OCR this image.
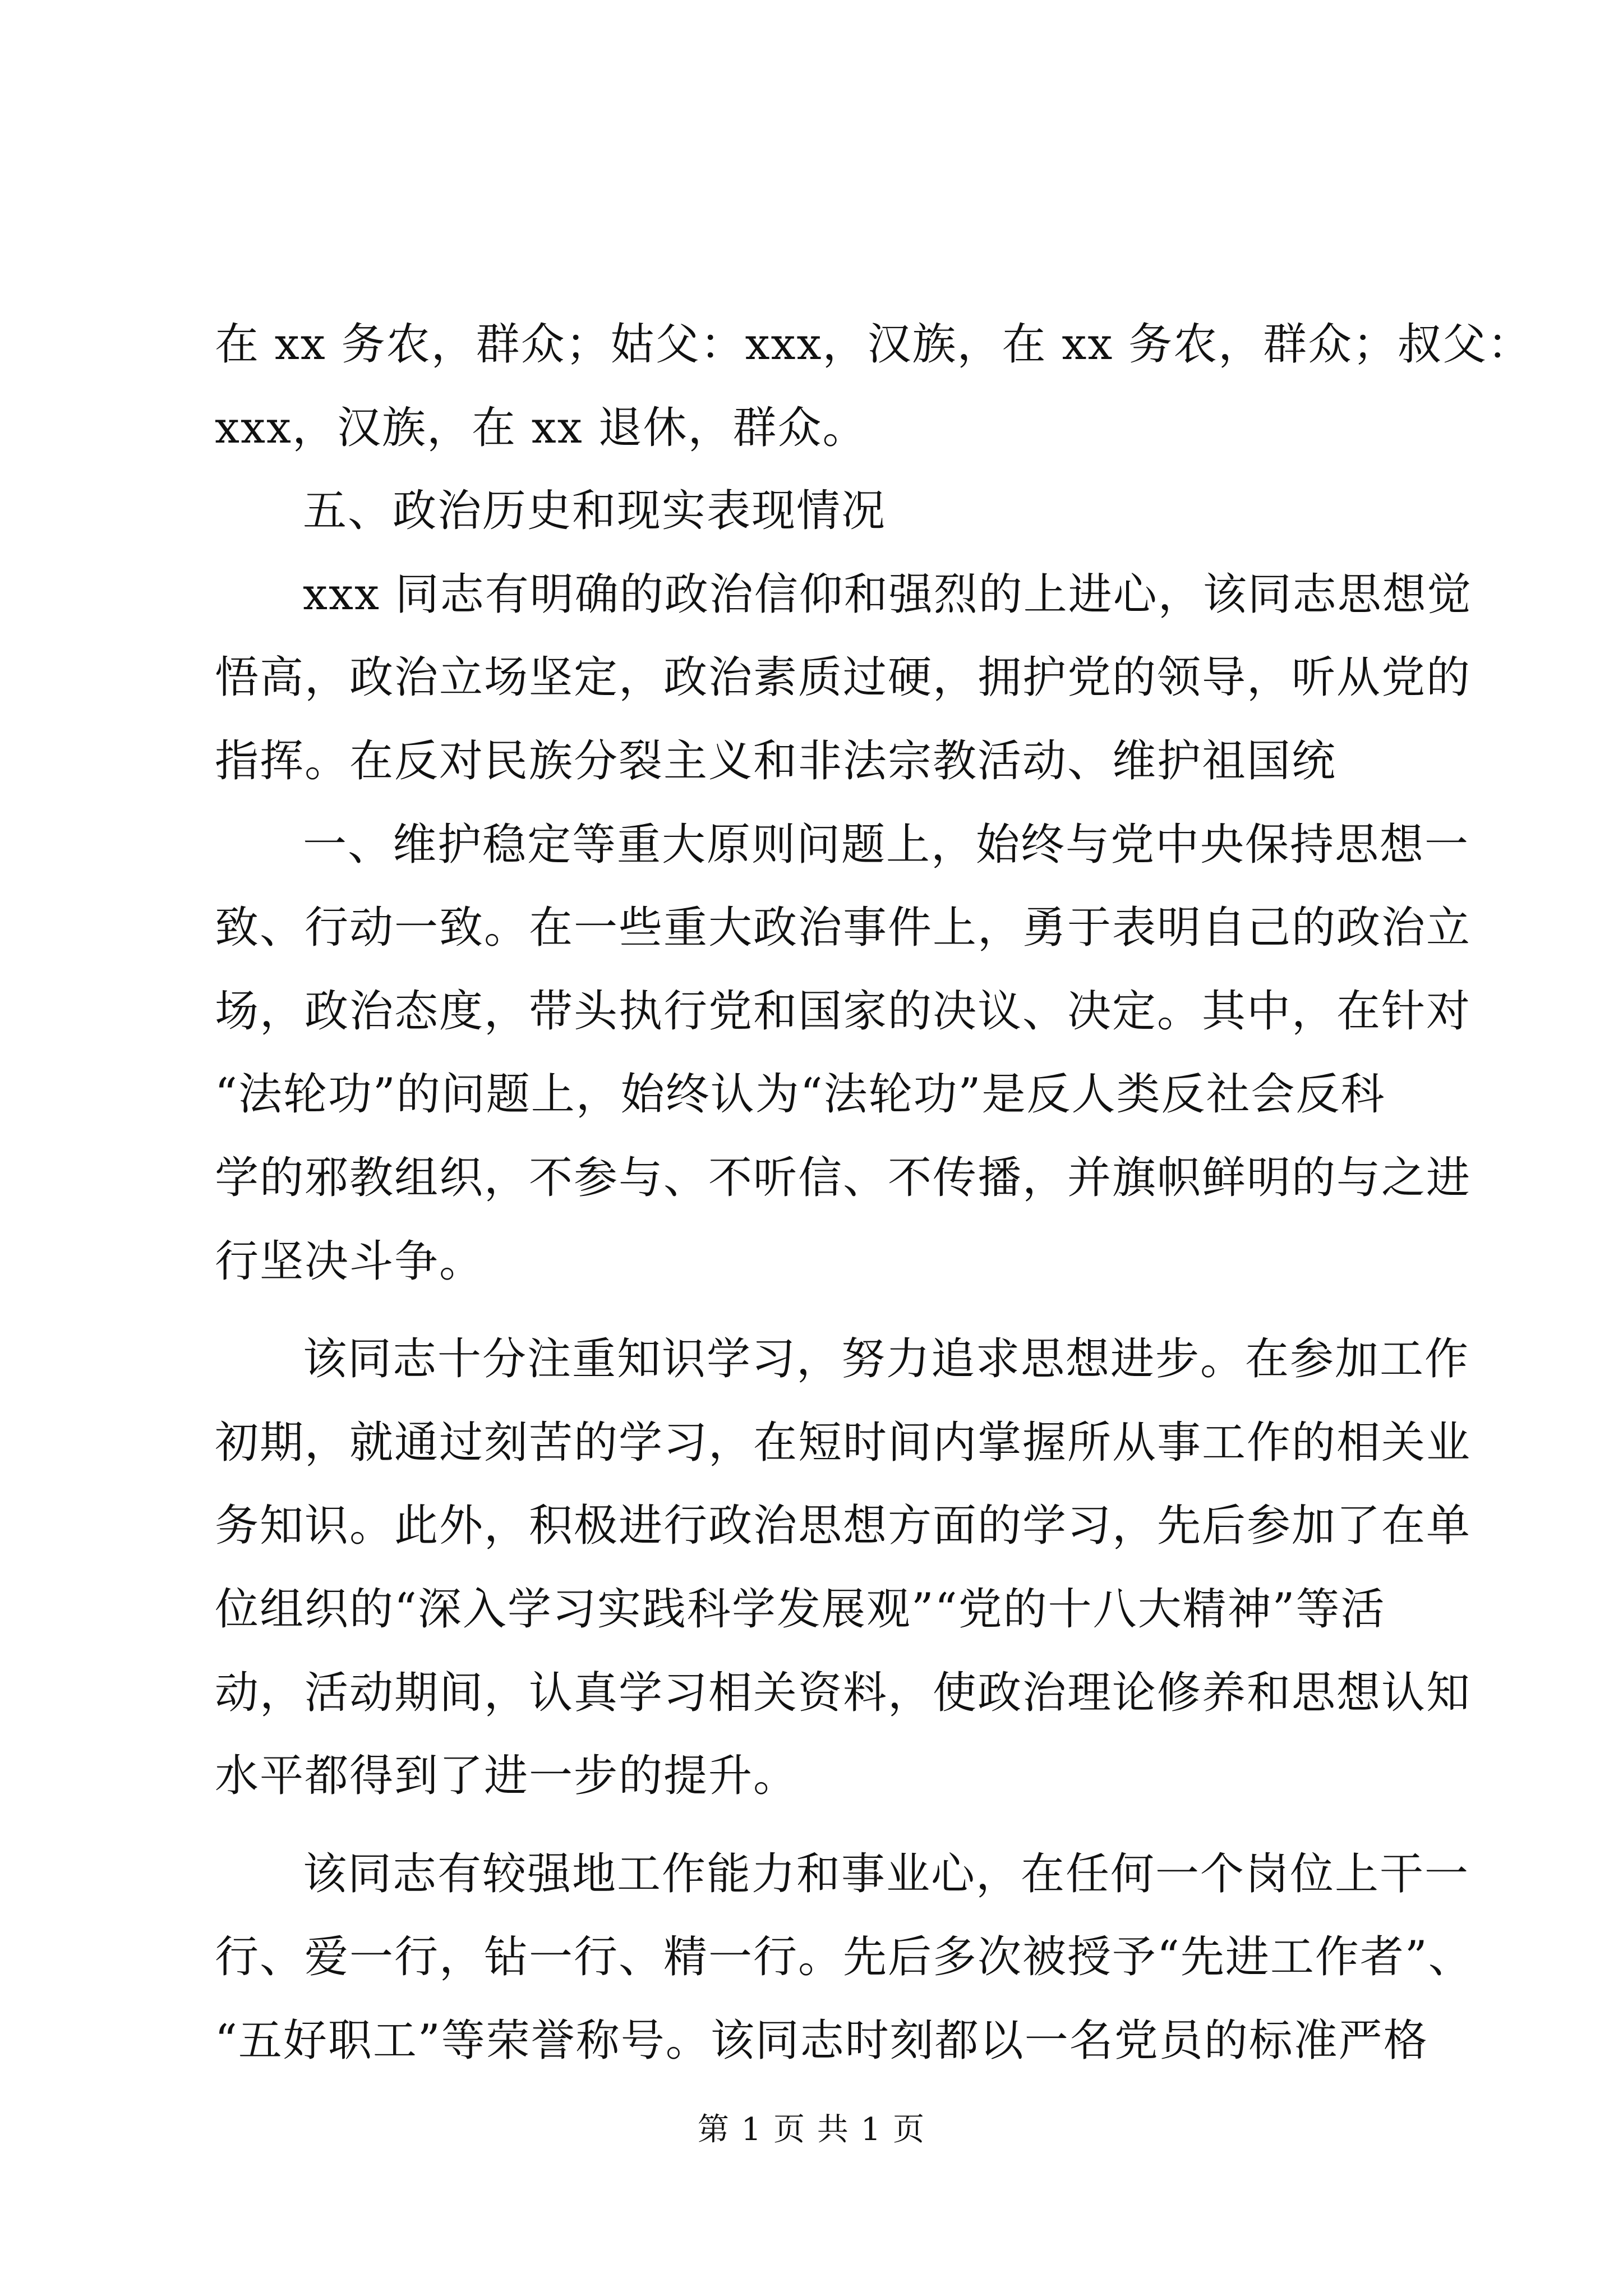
在 xx 务农，群众；姑父：xxx，汉族，在 xx 务农，群众；叔父：
xxx，汉族，在 xx 退休，群众。
五、政治历史和现实表现情况
xxx 同志有明确的政治信仰和强烈的上进心，该同志思想觉
悟高，政治立场坚定，政治素质过硬，拥护党的领导，听从党的
指挥。在反对民族分裂主义和非法宗教活动、维护祖国统
一、维护稳定等重大原则问题上，始终与党中央保持思想一
致、行动一致。在一些重大政治事件上，勇于表明自己的政治立
场，政治态度，带头执行党和国家的决议、决定。其中，在针对
“法轮功”的问题上，始终认为“法轮功”是反人类反社会反科
学的邪教组织，不参与、不听信、不传播，并旗帜鲜明的与之进
行坚决斗争。
该同志十分注重知识学习，努力追求思想进步。在参加工作
初期，就通过刻苦的学习，在短时间内掌握所从事工作的相关业
务知识。此外，积极进行政治思想方面的学习，先后参加了在单
位组织的“深入学习实践科学发展观”“党的十八大精神”等活
动，活动期间，认真学习相关资料，使政治理论修养和思想认知
水平都得到了进一步的提升。
该同志有较强地工作能力和事业心，在任何一个岗位上干一
行、爱一行，钻一行、精一行。先后多次被授予“先进工作者”、
“五好职工”等荣誉称号。该同志时刻都以一名党员的标准严格
第 1 页 共 1 页
